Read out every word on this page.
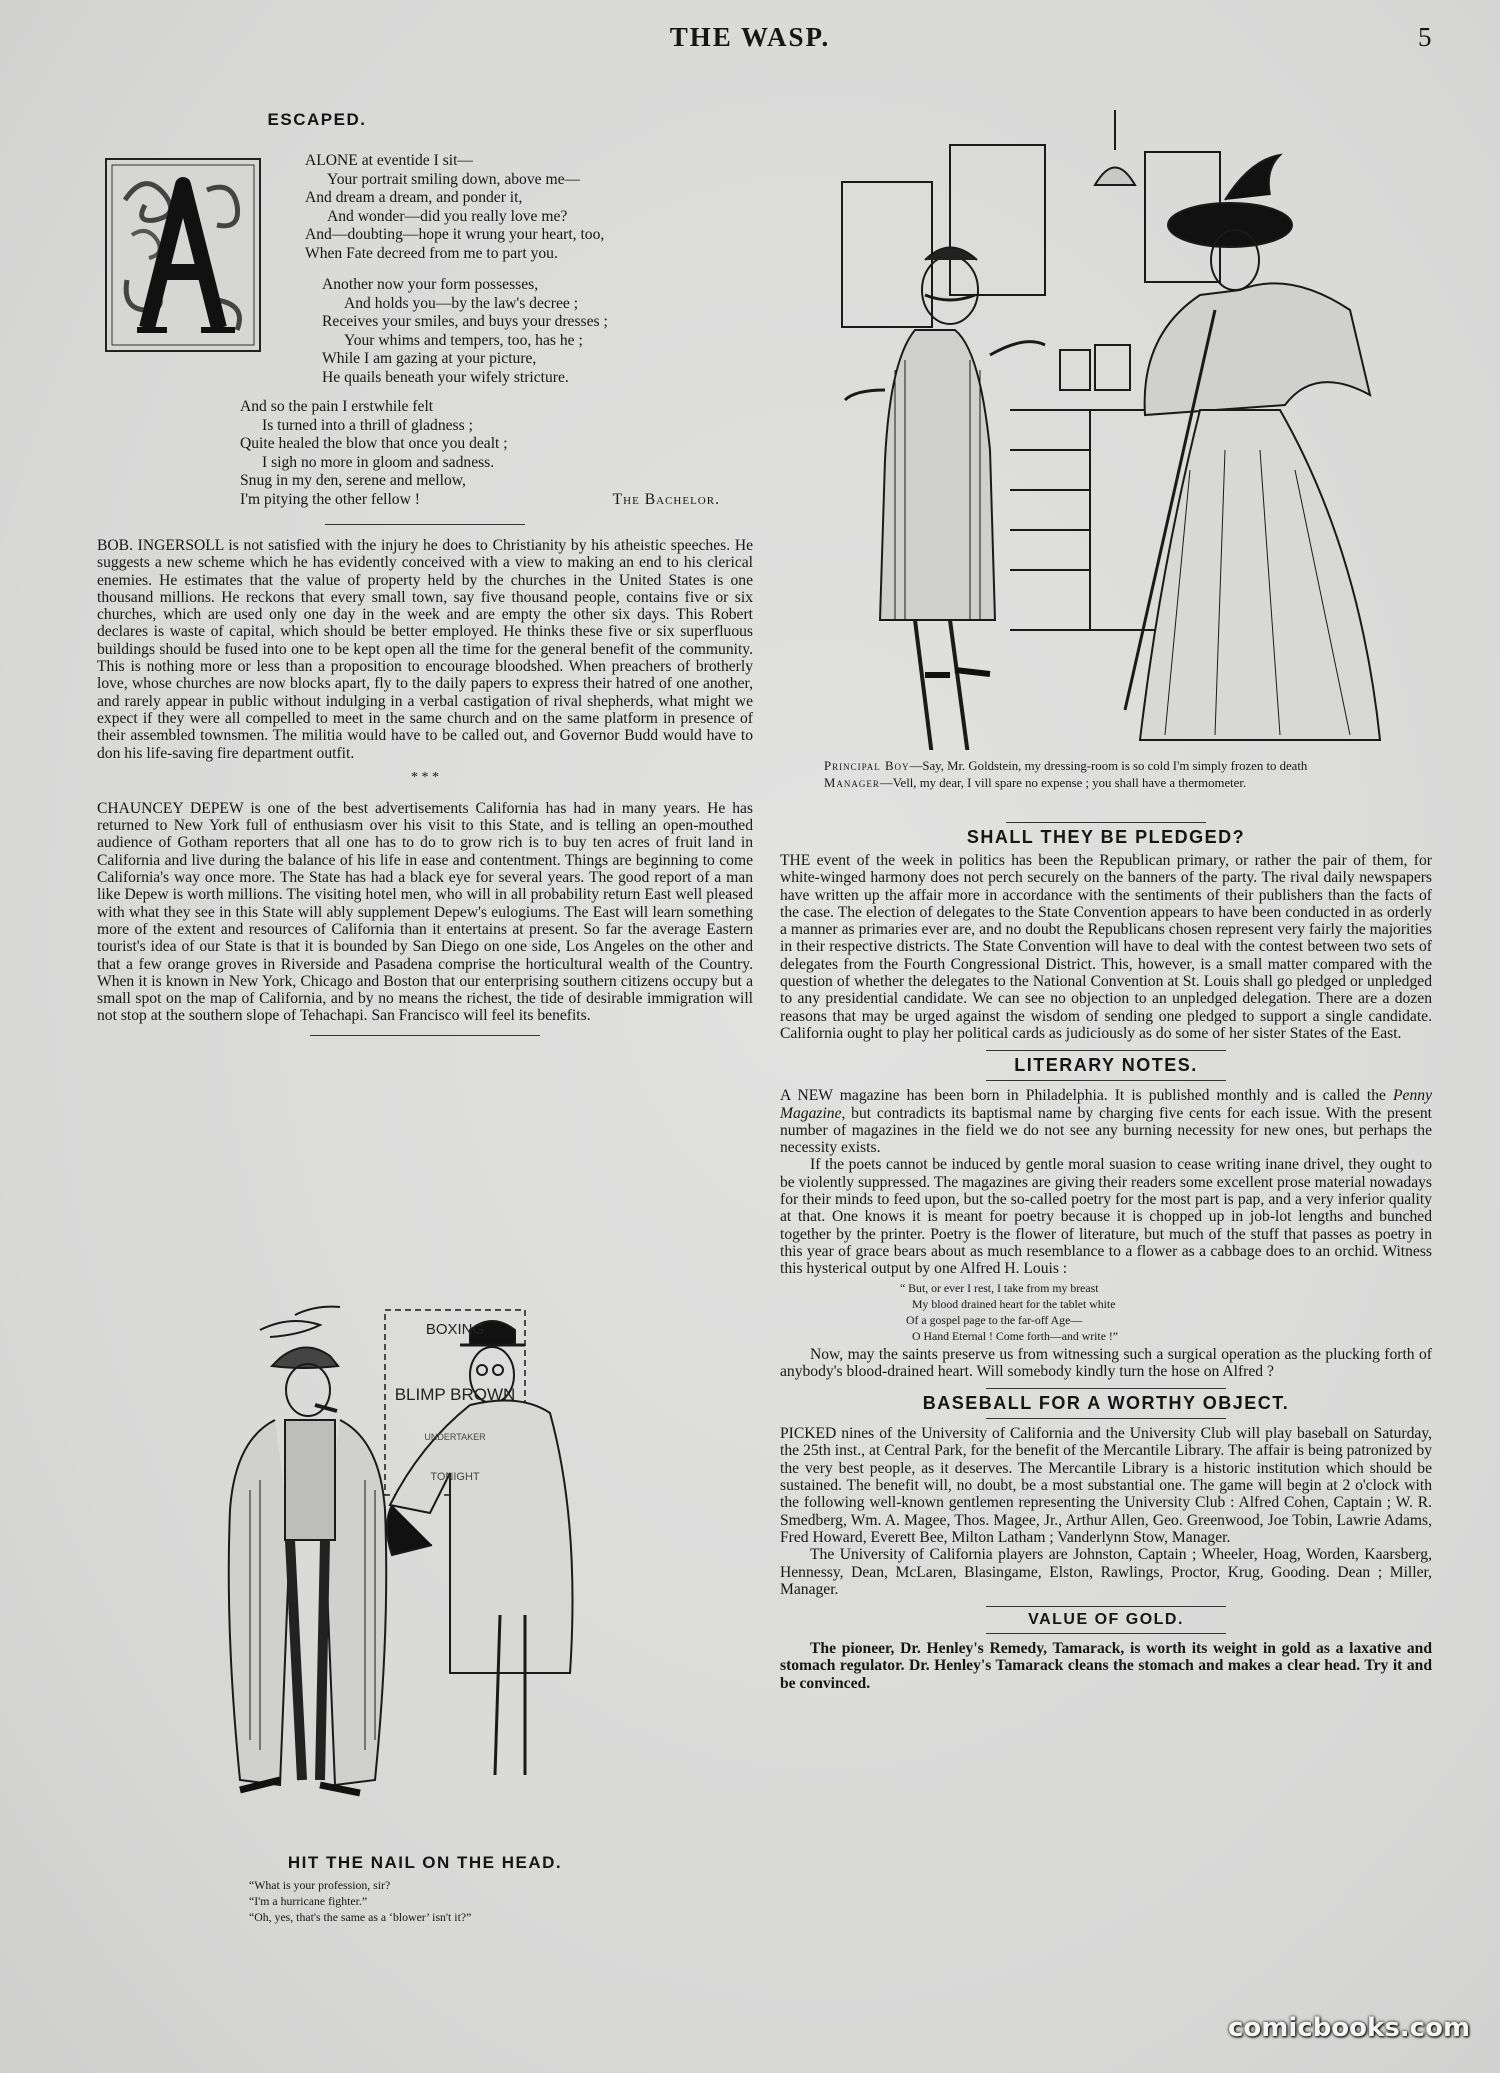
THE WASP.	5
ESCAPED.
ALONE at eventide I sit—
Your portrait smiling down, above me—
And dream a dream, and ponder it,
And wonder—did you really love me?
And—doubting—hope it wrung your heart, too,
When Fate decreed from me to part you.
Another now your form possesses,
And holds you—by the law's decree ;
Receives your smiles, and buys your dresses ;
Your whims and tempers, too, has he ;
While I am gazing at your picture,
He quails beneath your wifely stricture.
And so the pain I erstwhile felt
Is turned into a thrill of gladness ;
Quite healed the blow that once you dealt ;
I sigh no more in gloom and sadness.
Snug in my den, serene and mellow,
I'm pitying the other fellow !	The Bachelor.

BOB. INGERSOLL is not satisfied with the injury he does to Christianity by his atheistic speeches. He suggests a new scheme which he has evidently conceived with a view to making an end to his clerical enemies. He estimates that the value of property held by the churches in the United States is one thousand millions. He reckons that every small town, say five thousand people, contains five or six churches, which are used only one day in the week and are empty the other six days. This Robert declares is waste of capital, which should be better employed. He thinks these five or six superfluous buildings should be fused into one to be kept open all the time for the general benefit of the community. This is nothing more or less than a proposition to encourage bloodshed. When preachers of brotherly love, whose churches are now blocks apart, fly to the daily papers to express their hatred of one another, and rarely appear in public without indulging in a verbal castigation of rival shepherds, what might we expect if they were all compelled to meet in the same church and on the same platform in presence of their assembled townsmen. The militia would have to be called out, and Governor Budd would have to don his life-saving fire department outfit.

* * *

CHAUNCEY DEPEW is one of the best advertisements California has had in many years. He has returned to New York full of enthusiasm over his visit to this State, and is telling an open-mouthed audience of Gotham reporters that all one has to do to grow rich is to buy ten acres of fruit land in California and live during the balance of his life in ease and contentment. Things are beginning to come California's way once more. The State has had a black eye for several years. The good report of a man like Depew is worth millions. The visiting hotel men, who will in all probability return East well pleased with what they see in this State will ably supplement Depew's eulogiums. The East will learn something more of the extent and resources of California than it entertains at present. So far the average Eastern tourist's idea of our State is that it is bounded by San Diego on one side, Los Angeles on the other and that a few orange groves in Riverside and Pasadena comprise the horticultural wealth of the Country. When it is known in New York, Chicago and Boston that our enterprising southern citizens occupy but a small spot on the map of California, and by no means the richest, the tide of desirable immigration will not stop at the southern slope of Tehachapi. San Francisco will feel its benefits.

BOXING
BLIMP BROWN
UNDERTAKER
TONIGHT
HIT THE NAIL ON THE HEAD.
“What is your profession, sir?
“I'm a hurricane fighter.”
“Oh, yes, that's the same as a ‘blower’ isn't it?”

Principal Boy—Say, Mr. Goldstein, my dressing-room is so cold I'm simply frozen to death

Manager—Vell, my dear, I vill spare no expense ; you shall have a thermometer.

SHALL THEY BE PLEDGED?

THE event of the week in politics has been the Republican primary, or rather the pair of them, for white-winged harmony does not perch securely on the banners of the party. The rival daily newspapers have written up the affair more in accordance with the sentiments of their publishers than the facts of the case. The election of delegates to the State Convention appears to have been conducted in as orderly a manner as primaries ever are, and no doubt the Republicans chosen represent very fairly the majorities in their respective districts. The State Convention will have to deal with the contest between two sets of delegates from the Fourth Congressional District. This, however, is a small matter compared with the question of whether the delegates to the National Convention at St. Louis shall go pledged or unpledged to any presidential candidate. We can see no objection to an unpledged delegation. There are a dozen reasons that may be urged against the wisdom of sending one pledged to support a single candidate. California ought to play her political cards as judiciously as do some of her sister States of the East.

LITERARY NOTES.

A NEW magazine has been born in Philadelphia. It is published monthly and is called the Penny Magazine, but contradicts its baptismal name by charging five cents for each issue. With the present number of magazines in the field we do not see any burning necessity for new ones, but perhaps the necessity exists.

If the poets cannot be induced by gentle moral suasion to cease writing inane drivel, they ought to be violently suppressed. The magazines are giving their readers some excellent prose material nowadays for their minds to feed upon, but the so-called poetry for the most part is pap, and a very inferior quality at that. One knows it is meant for poetry because it is chopped up in job-lot lengths and bunched together by the printer. Poetry is the flower of literature, but much of the stuff that passes as poetry in this year of grace bears about as much resemblance to a flower as a cabbage does to an orchid. Witness this hysterical output by one Alfred H. Louis :

“ But, or ever I rest, I take from my breast
My blood drained heart for the tablet white
Of a gospel page to the far-off Age—
O Hand Eternal ! Come forth—and write !”

Now, may the saints preserve us from witnessing such a surgical operation as the plucking forth of anybody's blood-drained heart. Will somebody kindly turn the hose on Alfred ?

BASEBALL FOR A WORTHY OBJECT.

PICKED nines of the University of California and the University Club will play baseball on Saturday, the 25th inst., at Central Park, for the benefit of the Mercantile Library. The affair is being patronized by the very best people, as it deserves. The Mercantile Library is a historic institution which should be sustained. The benefit will, no doubt, be a most substantial one. The game will begin at 2 o'clock with the following well-known gentlemen representing the University Club : Alfred Cohen, Captain ; W. R. Smedberg, Wm. A. Magee, Thos. Magee, Jr., Arthur Allen, Geo. Greenwood, Joe Tobin, Lawrie Adams, Fred Howard, Everett Bee, Milton Latham ; Vanderlynn Stow, Manager.

The University of California players are Johnston, Captain ; Wheeler, Hoag, Worden, Kaarsberg, Hennessy, Dean, McLaren, Blasingame, Elston, Rawlings, Proctor, Krug, Gooding. Dean ; Miller, Manager.

VALUE OF GOLD.

The pioneer, Dr. Henley's Remedy, Tamarack, is worth its weight in gold as a laxative and stomach regulator. Dr. Henley's Tamarack cleans the stomach and makes a clear head. Try it and be convinced.

comicbooks.com
